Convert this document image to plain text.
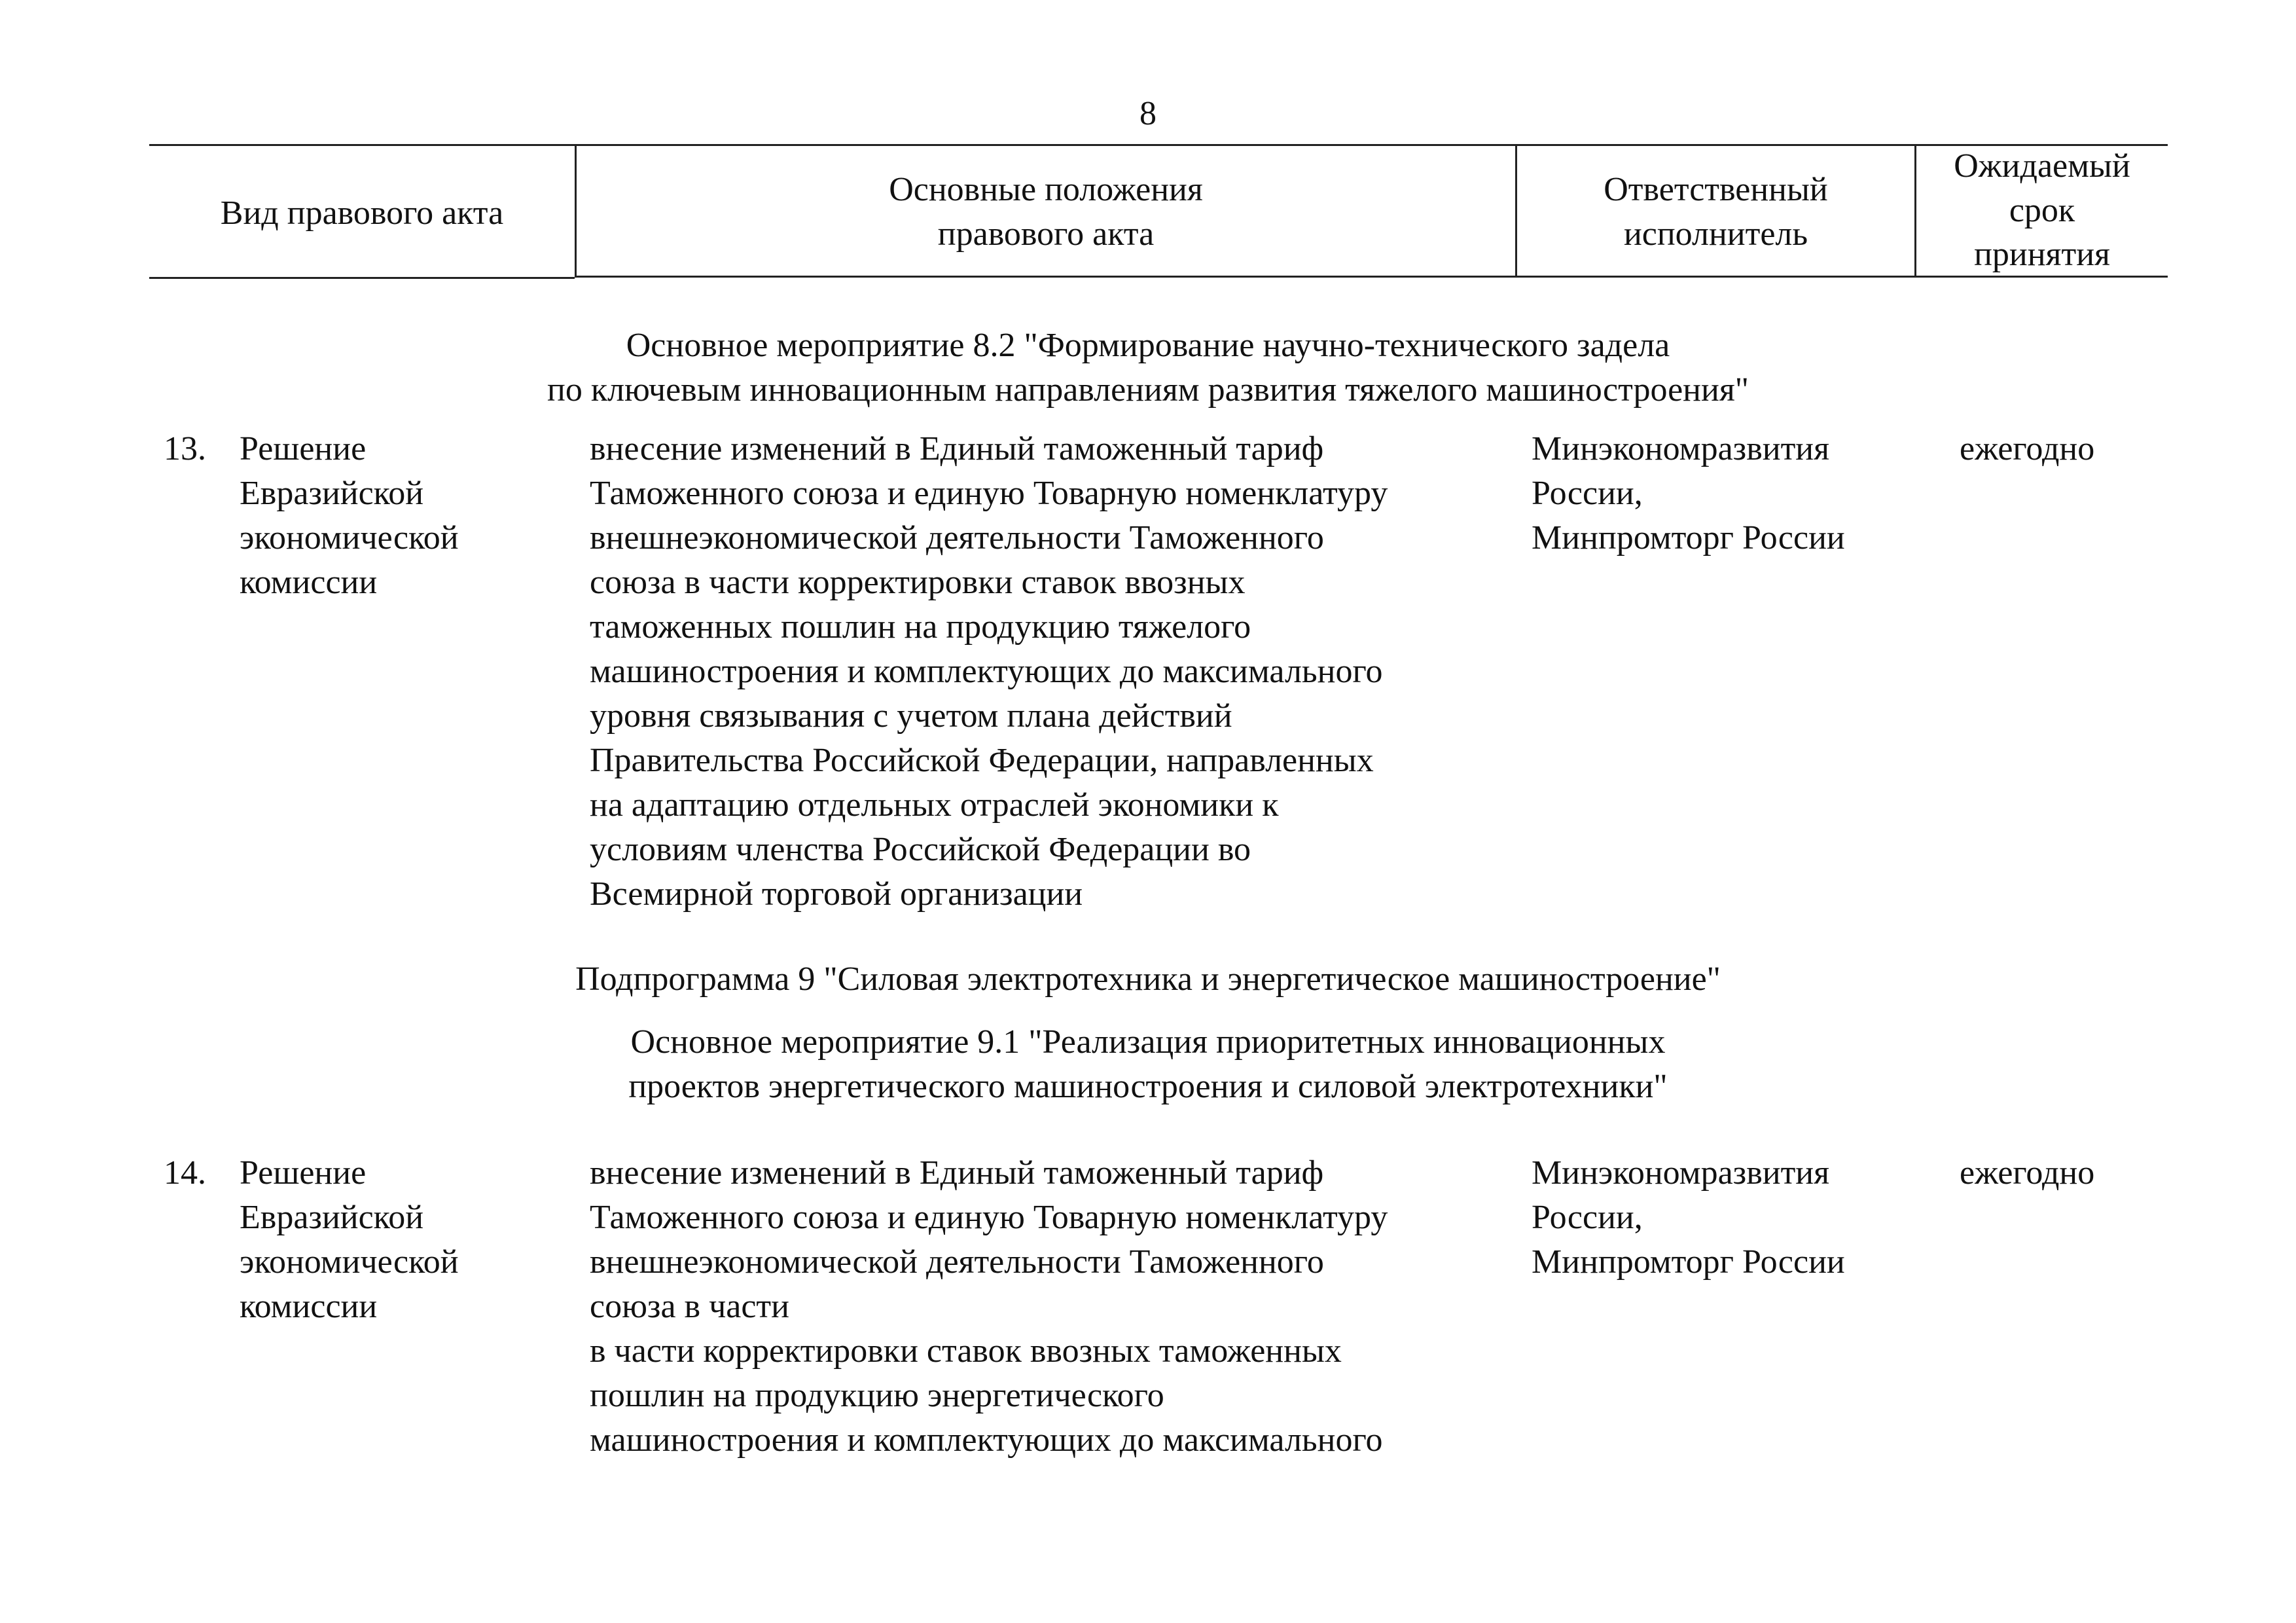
8
Вид правового акта
Основные положения
правового акта
Ответственный
исполнитель
Ожидаемый
срок
принятия
Основное мероприятие 8.2 "Формирование научно-технического задела
по ключевым инновационным направлениям развития тяжелого машиностроения"
13. Решение
Евразийской
экономической
комиссии
внесение изменений в Единый таможенный тариф
Таможенного союза и единую Товарную номенклатуру
внешнеэкономической деятельности Таможенного
союза в части корректировки ставок ввозных
таможенных пошлин на продукцию тяжелого
машиностроения и комплектующих до максимального
уровня связывания с учетом плана действий
Правительства Российской Федерации, направленных
на адаптацию отдельных отраслей экономики к
условиям членства Российской Федерации во
Всемирной торговой организации
Минэкономразвития
России,
Минпромторг России
ежегодно
Подпрограмма 9 "Силовая электротехника и энергетическое машиностроение"
Основное мероприятие 9.1 "Реализация приоритетных инновационных
проектов энергетического машиностроения и силовой электротехники"
14. Решение
Евразийской
экономической
комиссии
внесение изменений в Единый таможенный тариф
Таможенного союза и единую Товарную номенклатуру
внешнеэкономической деятельности Таможенного
союза в части
в части корректировки ставок ввозных таможенных
пошлин на продукцию энергетического
машиностроения и комплектующих до максимального
Минэкономразвития
России,
Минпромторг России
ежегодно
